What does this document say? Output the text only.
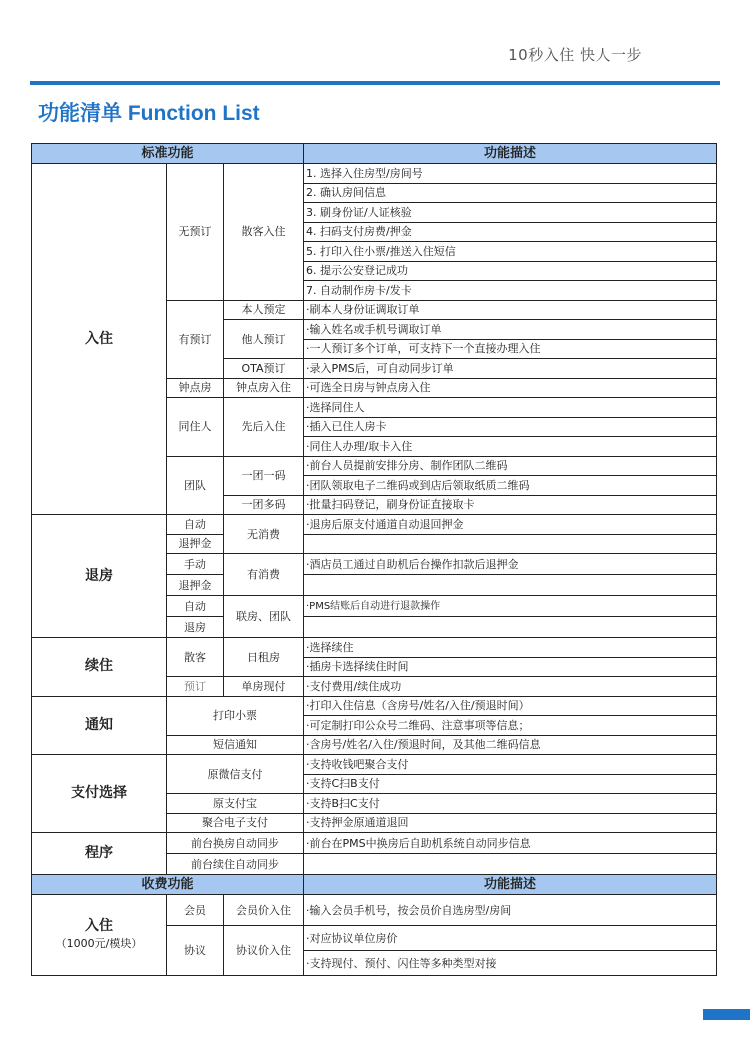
10秒入住 快人一步
功能清单 Function List
标准功能			功能描述
入住	无预订	散客入住	1. 选择入住房型/房间号
			2. 确认房间信息
			3. 刷身份证/人证核验
			4. 扫码支付房费/押金
			5. 打印入住小票/推送入住短信
			6. 提示公安登记成功
			7. 自动制作房卡/发卡
	有预订	本人预定	·刷本人身份证调取订单
		他人预订	·输入姓名或手机号调取订单
			·一人预订多个订单，可支持下一个直接办理入住
		OTA预订	·录入PMS后，可自动同步订单
	钟点房	钟点房入住	·可选全日房与钟点房入住
	同住人	先后入住	·选择同住人
			·插入已住人房卡
			·同住人办理/取卡入住
	团队	一团一码	·前台人员提前安排分房、制作团队二维码
			·团队领取电子二维码或到店后领取纸质二维码
		一团多码	·批量扫码登记，刷身份证直接取卡
退房	自动	无消费	·退房后原支付通道自动退回押金
	退押金		
	手动	有消费	·酒店员工通过自助机后台操作扣款后退押金
	退押金		
	自动	联房、团队	·PMS结账后自动进行退款操作
	退房		
续住	散客	日租房	·选择续住
			·插房卡选择续住时间
	预订	单房现付	·支付费用/续住成功
通知	打印小票		·打印入住信息（含房号/姓名/入住/预退时间）
			·可定制打印公众号二维码、注意事项等信息；
	短信通知		·含房号/姓名/入住/预退时间，及其他二维码信息
支付选择	原微信支付		·支持收钱吧聚合支付
			·支持C扫B支付
	原支付宝		·支持B扫C支付
	聚合电子支付		·支持押金原通道退回
程序	前台换房自动同步		·前台在PMS中换房后自助机系统自动同步信息
	前台续住自动同步		
收费功能			功能描述
入住
（1000元/模块）	会员	会员价入住	·输入会员手机号，按会员价自选房型/房间
	协议	协议价入住	·对应协议单位房价
			·支持现付、预付、闪住等多种类型对接
